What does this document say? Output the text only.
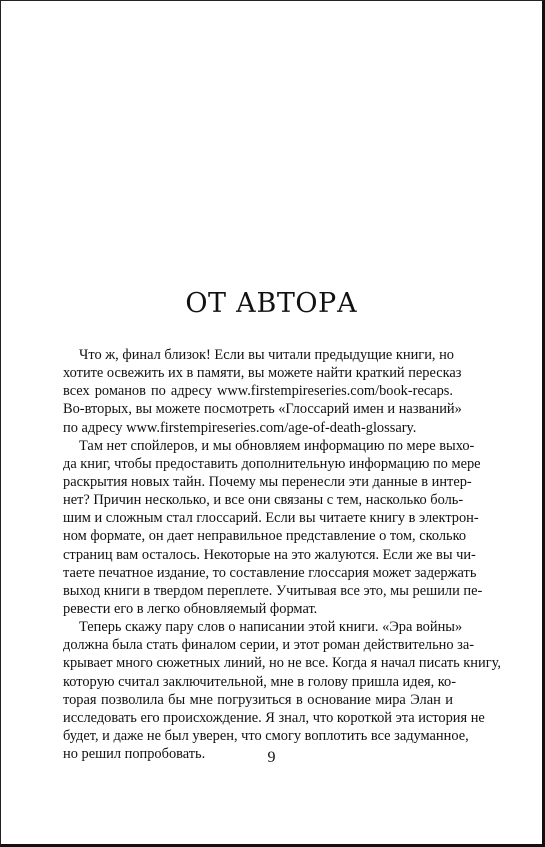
ОТ АВТОРА
Что ж, финал близок! Если вы читали предыдущие книги, но
хотите освежить их в памяти, вы можете найти краткий пересказ
всех романов по адресу www.firstempireseries.com/book-recaps.
Во-вторых, вы можете посмотреть «Глоссарий имен и названий»
по адресу www.firstempireseries.com/age-of-death-glossary.
Там нет спойлеров, и мы обновляем информацию по мере выхо-
да книг, чтобы предоставить дополнительную информацию по мере
раскрытия новых тайн. Почему мы перенесли эти данные в интер-
нет? Причин несколько, и все они связаны с тем, насколько боль-
шим и сложным стал глоссарий. Если вы читаете книгу в электрон-
ном формате, он дает неправильное представление о том, сколько
страниц вам осталось. Некоторые на это жалуются. Если же вы чи-
таете печатное издание, то составление глоссария может задержать
выход книги в твердом переплете. Учитывая все это, мы решили пе-
ревести его в легко обновляемый формат.
Теперь скажу пару слов о написании этой книги. «Эра войны»
должна была стать финалом серии, и этот роман действительно за-
крывает много сюжетных линий, но не все. Когда я начал писать книгу,
которую считал заключительной, мне в голову пришла идея, ко-
торая позволила бы мне погрузиться в основание мира Элан и
исследовать его происхождение. Я знал, что короткой эта история не
будет, и даже не был уверен, что смогу воплотить все задуманное,
но решил попробовать.	9
